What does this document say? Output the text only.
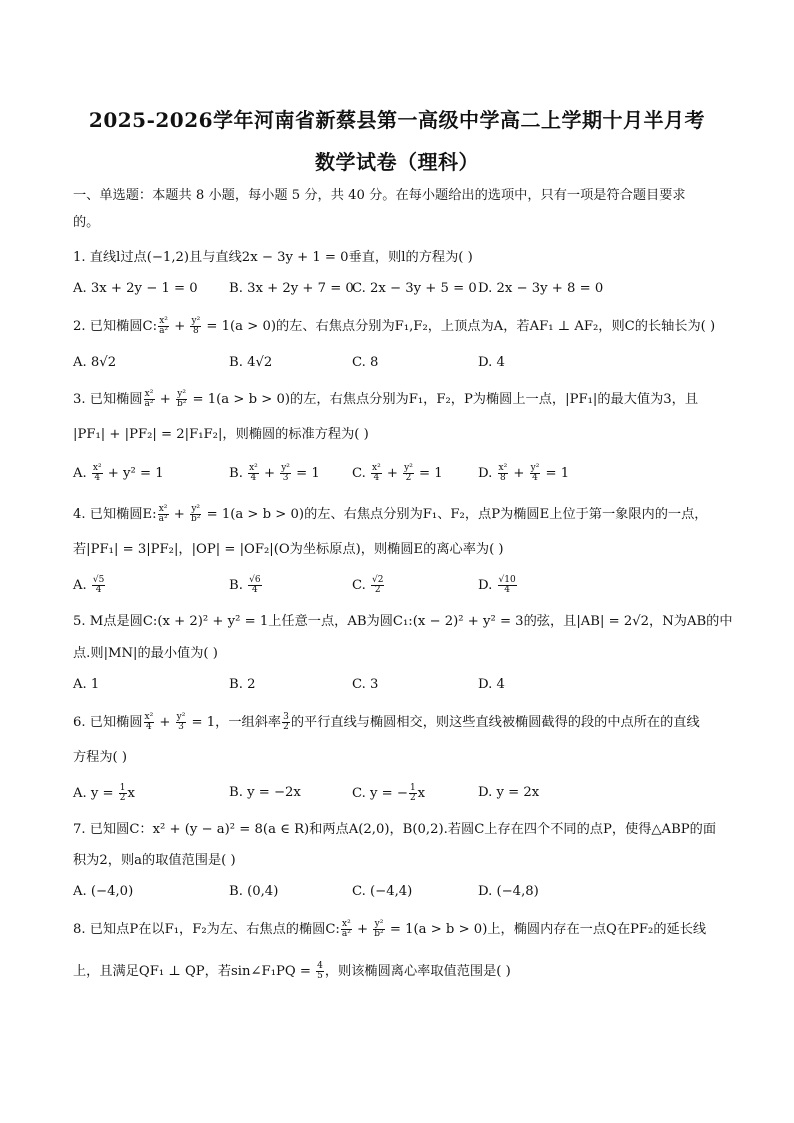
2025-2026学年河南省新蔡县第一高级中学高二上学期十月半月考
数学试卷（理科）
一、单选题：本题共 8 小题，每小题 5 分，共 40 分。在每小题给出的选项中，只有一项是符合题目要求
的。
1. 直线l过点(−1,2)且与直线2x − 3y + 1 = 0垂直，则l的方程为( )
A. 3x + 2y − 1 = 0 B. 3x + 2y + 7 = 0
C. 2x − 3y + 5 = 0 D. 2x − 3y + 8 = 0
2. 已知椭圆C: $\frac{\text{x²}}{\text{a²}} + \frac{\text{y²}}{8} = 1(a > 0)$的左、右焦点分别为F₁,F₂，上顶点为A，若AF₁ ⊥ AF₂，则C的长轴长为( )
A. 8√2	B. 4√2	C. 8	D. 4
3. 已知椭圆 $\frac{\text{x²}}{\text{a²}} + \frac{\text{y²}}{\text{b²}} = 1(a > b > 0)$的左，右焦点分别为F₁，F₂，P为椭圆上一点，|PF₁|的最大值为3，且
|PF₁| + |PF₂| = 2|F₁F₂|，则椭圆的标准方程为( )
A. $\frac{\text{x²}}{4} + y^2 = 1$	B. $\frac{\text{x²}}{4} + \frac{\text{y²}}{3} = 1$ C. $\frac{\text{x²}}{4} + \frac{\text{y²}}{2} = 1$	D. $\frac{\text{x²}}{8} + \frac{\text{y²}}{4} = 1$
4. 已知椭圆E: $\frac{\text{x²}}{\text{a²}} + \frac{\text{y²}}{\text{b²}} = 1(a > b > 0)$的左、右焦点分别为F₁、F₂，点P为椭圆E上位于第一象限内的一点，
若|PF₁| = 3|PF₂|，|OP| = |OF₂|(O为坐标原点)，则椭圆E的离心率为( )
A. $\frac{√5}{4}$	B. $\frac{√6}{4}$	C. $\frac{√2}{2}$	D. $\frac{√10}{4}$
5. M点是圆C:(x + 2)² + y² = 1上任意一点，AB为圆C₁:(x − 2)² + y² = 3的弦，且|AB| = 2√2，N为AB的中
点.则|MN|的最小值为( )
A. 1	B. 2	C. 3	D. 4
6. 已知椭圆 $\frac{\text{x²}}{4} + \frac{\text{y²}}{3} = 1$，一组斜率 $\frac{3}{2}$ 的平行直线与椭圆相交，则这些直线被椭圆截得的段的中点所在的直线
方程为( )
A. $y = \frac{1}{2}$ x	B. y = −2x	C. y = − $\frac{1}{2}$ x	D. y = 2x
7. 已知圆C：x² + (y − a)² = 8(a ∈ R)和两点A(2,0)，B(0,2).若圆C上存在四个不同的点P，使得△ABP的面
积为2，则a的取值范围是( )
A. (−4,0)	B. (0,4)	C. (−4,4)	D. (−4,8)
8. 已知点P在以F₁，F₂为左、右焦点的椭圆C: $\frac{\text{x²}}{\text{a²}} + \frac{\text{y²}}{\text{b²}} = 1(a > b > 0)$上，椭圆内存在一点Q在PF₂的延长线
上，且满足QF₁ ⊥ QP，若sin∠F₁PQ = $\frac{4}{5}$ ，则该椭圆离心率取值范围是( )
